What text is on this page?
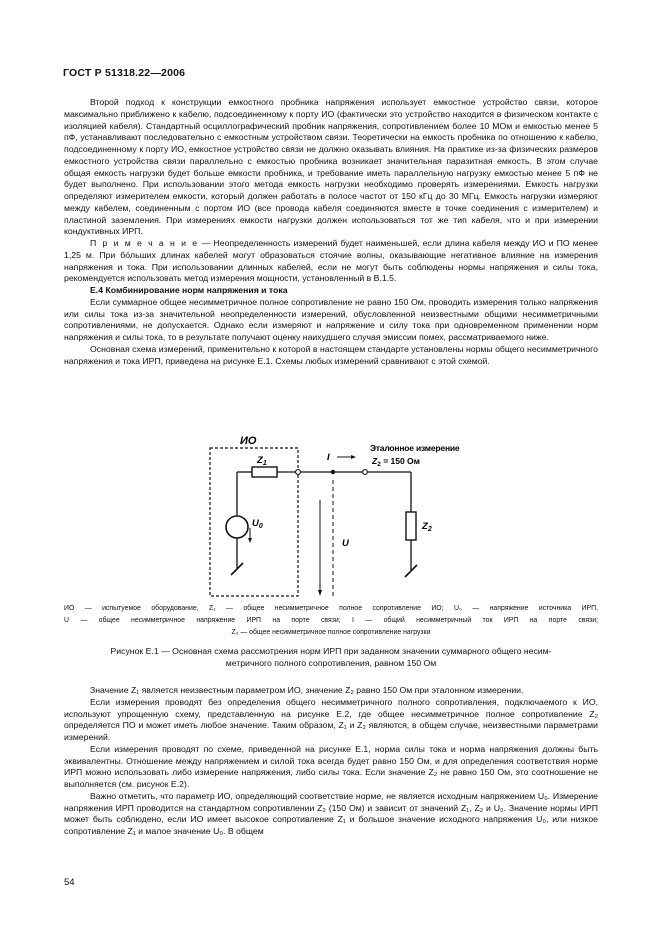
ГОСТ Р 51318.22—2006

Второй подход к конструкции емкостного пробника напряжения использует емкостное устройство связи, которое максимально приближено к кабелю, подсоединенному к порту ИО (фактически это устройство находится в физическом контакте с изоляцией кабеля). Стандартный осциллографический пробник напряжения, сопротивлением более 10 МОм и емкостью менее 5 пФ, устанавливают последовательно с емкостным устройством связи. Теоретически на емкость пробника по отношению к кабелю, подсоединенному к порту ИО, емкостное устройство связи не должно оказывать влияния. На практике из-за физических размеров емкостного устройства связи параллельно с емкостью пробника возникает значительная паразитная емкость. В этом случае общая емкость нагрузки будет больше емкости пробника, и требование иметь параллельную нагрузку емкостью менее 5 пФ не будет выполнено. При использовании этого метода емкость нагрузки необходимо проверять измерениями. Емкость нагрузки определяют измерителем емкости, который должен работать в полосе частот от 150 кГц до 30 МГц. Емкость нагрузки измеряют между кабелем, соединенным с портом ИО (все провода кабеля соединяются вместе в точке соединения с измерителем) и пластиной заземления. При измерениях емкости нагрузки должен использоваться тот же тип кабеля, что и при измерении кондуктивных ИРП.

П р и м е ч а н и е — Неопределенность измерений будет наименьшей, если длина кабеля между ИО и ПО менее 1,25 м. При бо́льших длинах кабелей могут образоваться стоячие волны, оказывающие негативное влияние на измерения напряжения и тока. При использовании длинных кабелей, если не могут быть соблюдены нормы напряжения и силы тока, рекомендуется использовать метод измерения мощности, установленный в В.1.5.

Е.4 Комбинирование норм напряжения и тока

Если суммарное общее несимметричное полное сопротивление не равно 150 Ом, проводить измерения только напряжения или силы тока из-за значительной неопределенности измерений, обусловленной неизвестными общими несимметричными сопротивлениями, не допускается. Однако если измеряют и напряжение и силу тока при одновременном применении норм напряжения и силы тока, то в результате получают оценку наихудшего случая эмиссии помех, рассматриваемого ниже.

Основная схема измерений, применительно к которой в настоящем стандарте установлены нормы общего несимметричного напряжения и тока ИРП, приведена на рисунке Е.1. Схемы любых измерений сравнивают с этой схемой.

ИО
$U_0$
$Z_1$
I
Эталонное измерение
$Z_2 = 150$ Ом
U
$Z_2$
ИО — испытуемое оборудование, Z₁ — общее несимметричное полное сопротивление ИО; U₀ — напряжение источника ИРП,
U — общее несимметричное напряжение ИРП на порте связи; I — общий несимметричный ток ИРП на порте связи;
Z₂ — общее несимметричное полное сопротивление нагрузки
Рисунок Е.1 — Основная схема рассмотрения норм ИРП при заданном значении суммарного общего несим-
метричного полного сопротивления, равном 150 Ом

Значение Z₁ является неизвестным параметром ИО, значение Z₂ равно 150 Ом при эталонном измерении.

Если измерения проводят без определения общего несимметричного полного сопротивления, подключаемого к ИО, используют упрощенную схему, представленную на рисунке Е.2, где общее несимметричное полное сопротивление Z₂ определяется ПО и может иметь любое значение. Таким образом, Z₁ и Z₂ являются, в общем случае, неизвестными параметрами измерений.

Если измерения проводят по схеме, приведенной на рисунке Е.1, норма силы тока и норма напряжения должны быть эквивалентны. Отношение между напряжением и силой тока всегда будет равно 150 Ом, и для определения соответствия норме ИРП можно использовать либо измерение напряжения, либо силы тока. Если значение Z₂ не равно 150 Ом, это соотношение не выполняется (см. рисунок Е.2).

Важно отметить, что параметр ИО, определяющий соответствие норме, не является исходным напряжением U₀. Измерение напряжения ИРП проводится на стандартном сопротивлении Z₂ (150 Ом) и зависит от значений Z₁, Z₂ и U₀. Значение нормы ИРП может быть соблюдено, если ИО имеет высокое сопротивление Z₁ и большое значение исходного напряжения U₀, или низкое сопротивление Z₁ и малое значение U₀. В общем

54
